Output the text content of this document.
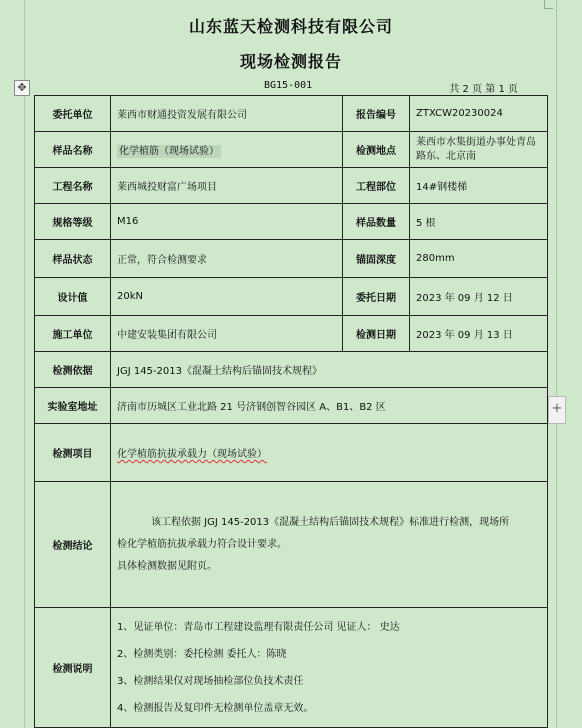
山东蓝天检测科技有限公司
现场检测报告
✥	BG15-001	共 2 页 第 1 页
+
委托单位	莱西市财通投资发展有限公司	报告编号	ZTXCW20230024
样品名称	化学植筋（现场试验）	检测地点	莱西市水集街道办事处青岛路东、北京南
工程名称	莱西城投财富广场项目	工程部位	14#钢楼梯
规格等级	M16	样品数量	5 根
样品状态	正常，符合检测要求	锚固深度	280mm
设计值	20kN	委托日期	2023 年 09 月 12 日
施工单位	中建安装集团有限公司	检测日期	2023 年 09 月 13 日
检测依据	JGJ 145-2013《混凝土结构后锚固技术规程》		
实验室地址	济南市历城区工业北路 21 号济钢创智谷园区 A、B1、B2 区		
检测项目	化学植筋抗拔承载力（现场试验）		
检测结论	该工程依据 JGJ 145-2013《混凝土结构后锚固技术规程》标准进行检测，现场所
检化学植筋抗拔承载力符合设计要求。
具体检测数据见附页。		

检测说明	1、见证单位：青岛市工程建设监理有限责任公司 见证人： 史达
2、检测类别：委托检测 委托人：陈晓
3、检测结果仅对现场抽检部位负技术责任
4、检测报告及复印件无检测单位盖章无效。		
